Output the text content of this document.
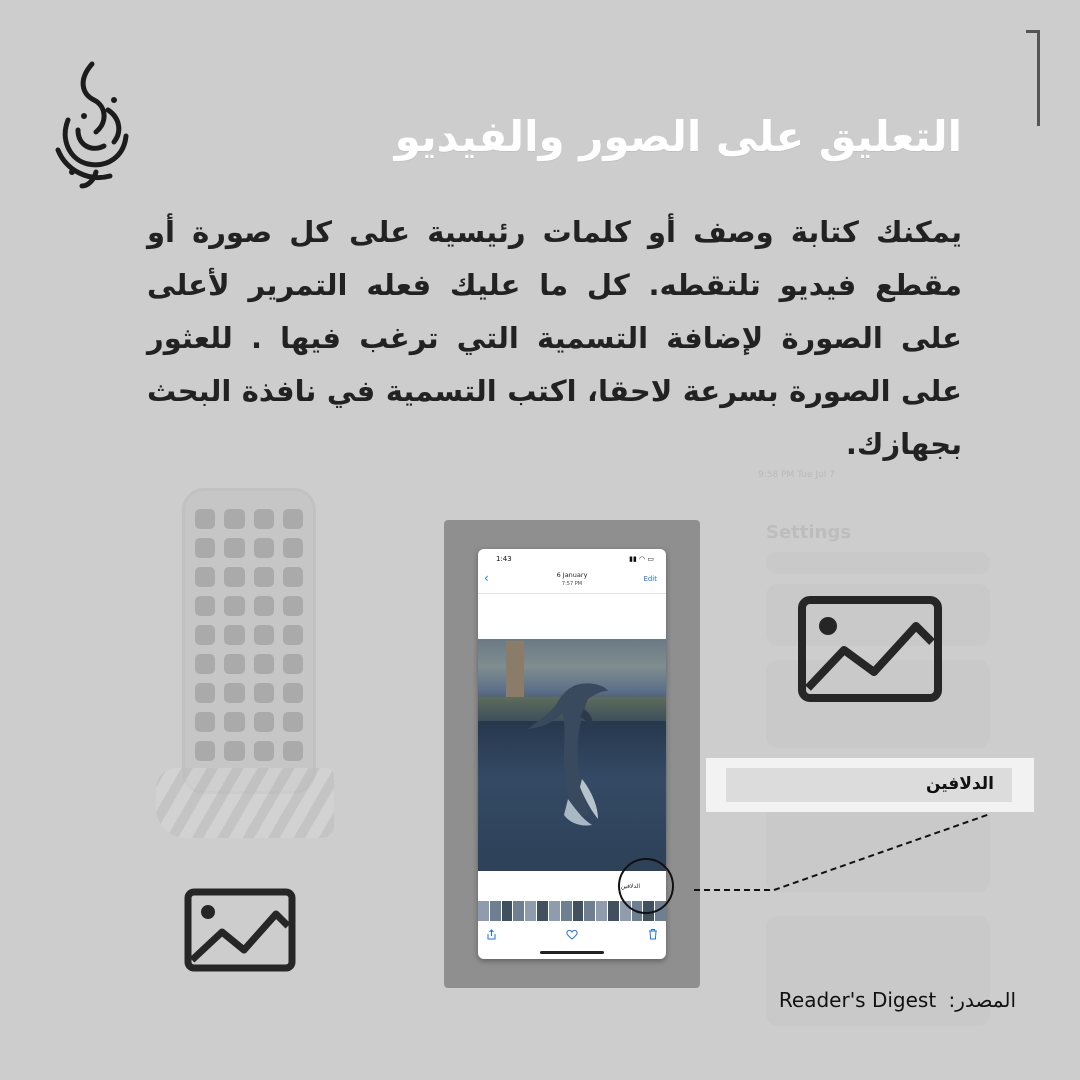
التعليق على الصور والفيديو
يمكنك كتابة وصف أو كلمات رئيسية على كل صورة أو مقطع فيديو تلتقطه. كل ما عليك فعله التمرير لأعلى على الصورة لإضافة التسمية التي ترغب فيها . للعثور على الصورة بسرعة لاحقا، اكتب التسمية في نافذة البحث بجهازك.
9:58 PM Tue Jul 7
Settings
1:43	▮▮ ◠ ▭
‹	6 January
7:57 PM
Edit
الدلافين
الدلافين
Reader's Digest المصدر:
